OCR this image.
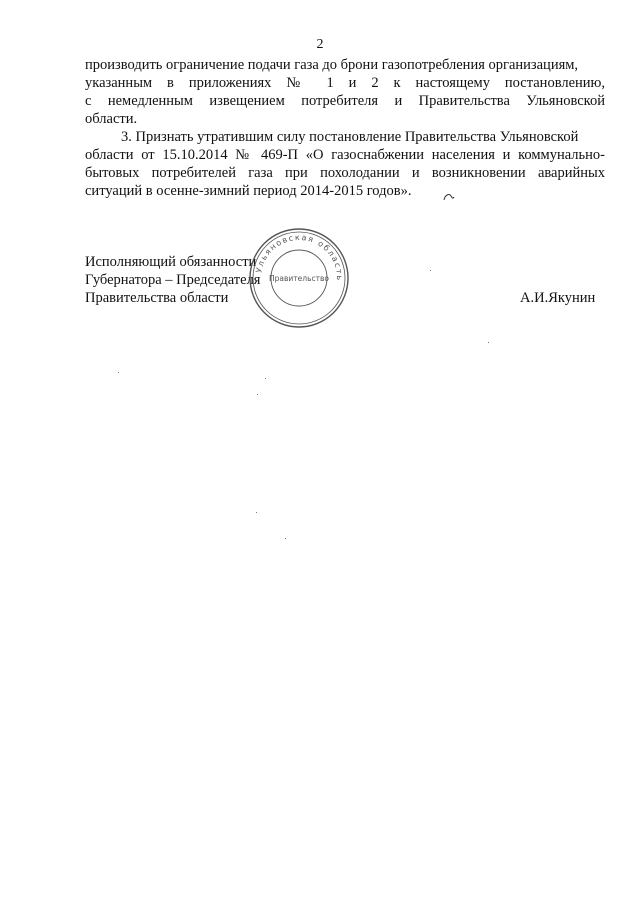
2
производить ограничение подачи газа до брони газопотребления организациям,
указанным в приложениях № 1 и 2 к настоящему постановлению,
с немедленным извещением потребителя и Правительства Ульяновской
области.
3. Признать утратившим силу постановление Правительства Ульяновской
области от 15.10.2014 № 469-П «О газоснабжении населения и коммунально-
бытовых потребителей газа при похолодании и возникновении аварийных
ситуаций в осенне-зимний период 2014-2015 годов».
Исполняющий обязанности
Губернатора – Председателя
Правительства области
Ульяновская область
Правительство
А.И.Якунин
